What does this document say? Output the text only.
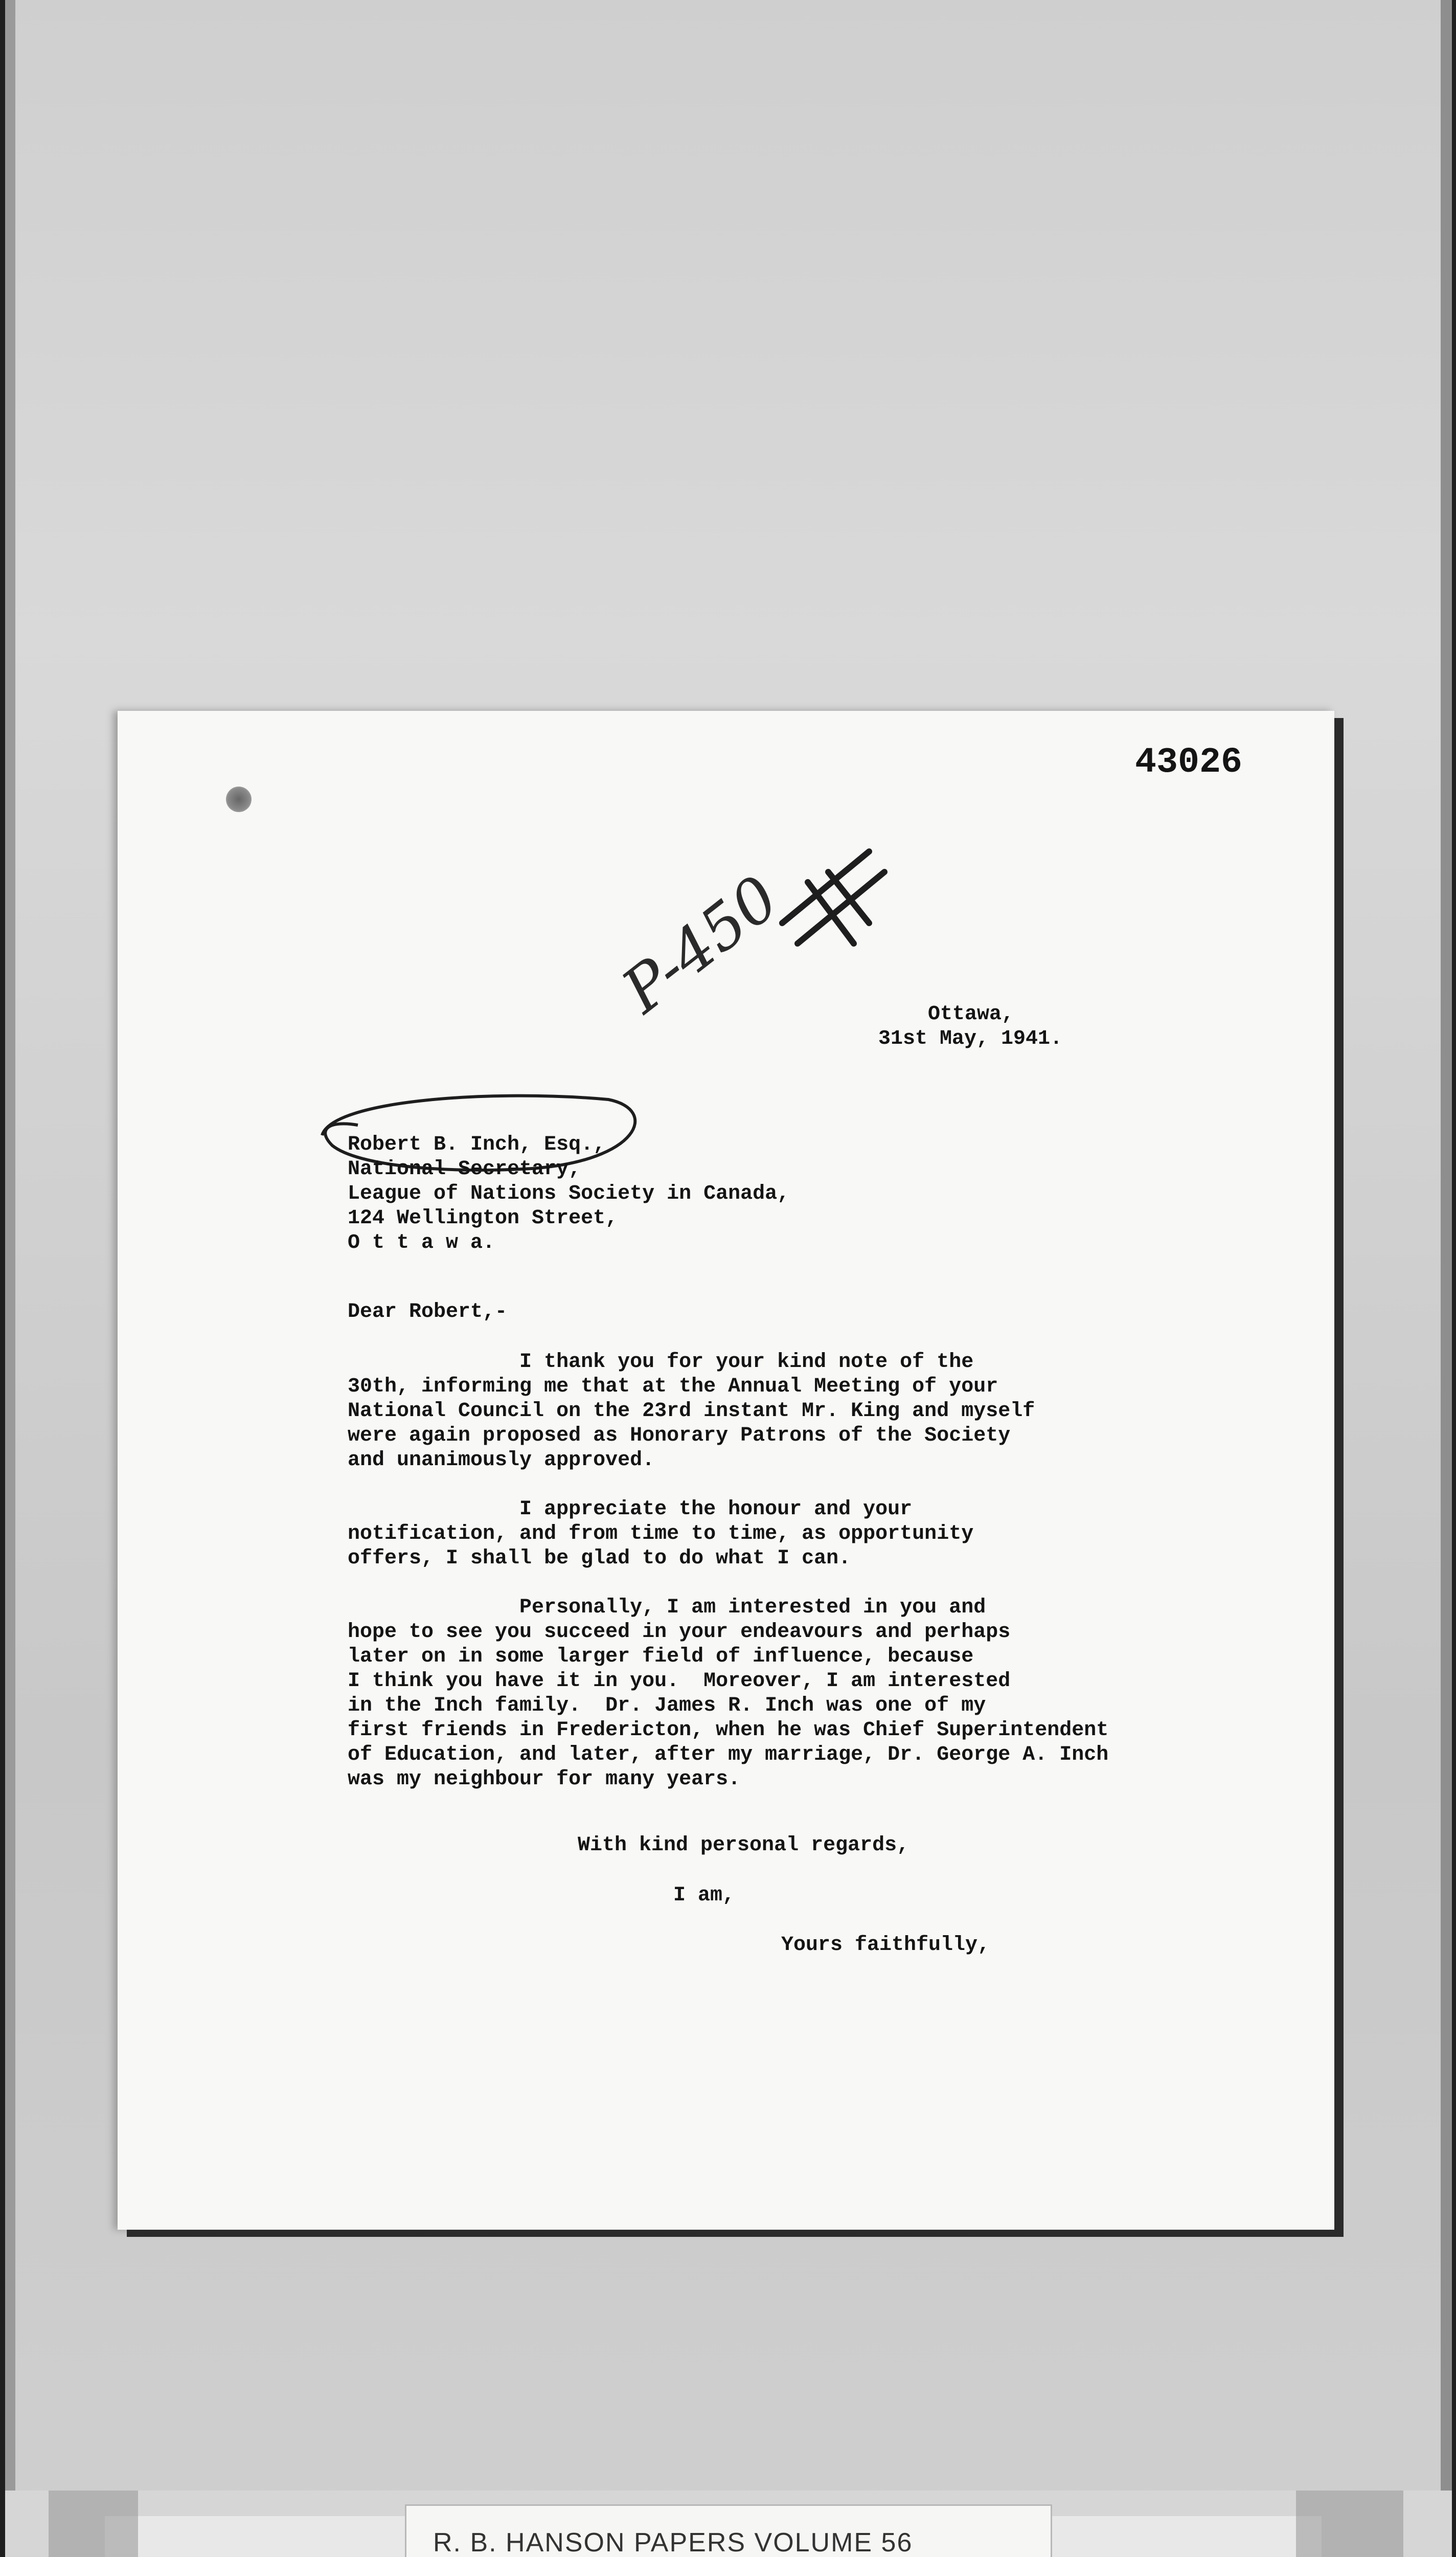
43026

P-450	Ottawa,

31st May, 1941.

Robert B. Inch, Esq.,

National Secretary,

League of Nations Society in Canada,

124 Wellington Street,

O t t a w a.

Dear Robert,-

I thank you for your kind note of the
30th, informing me that at the Annual Meeting of your
National Council on the 23rd instant Mr. King and myself
were again proposed as Honorary Patrons of the Society
and unanimously approved.

I appreciate the honour and your
notification, and from time to time, as opportunity
offers, I shall be glad to do what I can.

Personally, I am interested in you and
hope to see you succeed in your endeavours and perhaps
later on in some larger field of influence, because
I think you have it in you.  Moreover, I am interested
in the Inch family.  Dr. James R. Inch was one of my
first friends in Fredericton, when he was Chief Superintendent
of Education, and later, after my marriage, Dr. George A. Inch
was my neighbour for many years.

With kind personal regards,

I am,

Yours faithfully,

R. B. HANSON PAPERS VOLUME 56
